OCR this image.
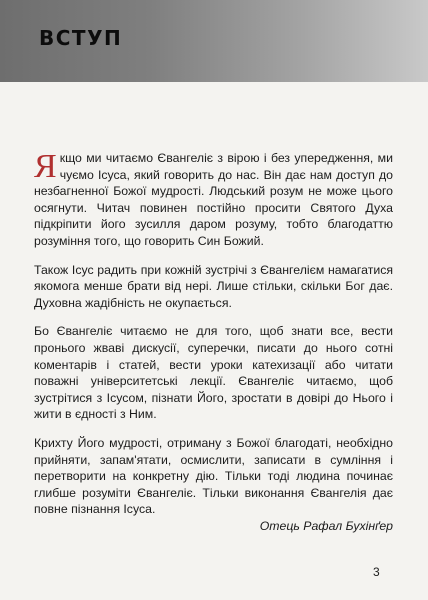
ВСТУП

Якщо ми читаємо Євангеліє з вірою і без упередження, ми чуємо Ісуса, який говорить до нас. Він дає нам доступ до незбагненної Божої мудрості. Людський розум не може цього осягнути. Читач повинен постійно просити Святого Духа підкріпити його зусилля даром розуму, тобто благодаттю розуміння того, що говорить Син Божий.

Також Ісус радить при кожній зустрічі з Євангелієм намагатися якомога менше брати від нері. Лише стільки, скільки Бог дає. Духовна жадібність не окупається.

Бо Євангеліє читаємо не для того, щоб знати все, вести пронього жваві дискусії, суперечки, писати до нього сотні коментарів і статей, вести уроки катехизації або читати поважні університетські лекції. Євангеліє читаємо, щоб зустрітися з Ісусом, пізнати Його, зростати в довірі до Нього і жити в єдності з Ним.

Крихту Його мудрості, отриману з Божої благодаті, необхідно прийняти, запам'ятати, осмислити, записати в сумління і перетворити на конкретну дію. Тільки тоді людина починає глибше розуміти Євангеліє. Тільки виконання Євангелія дає повне пізнання Ісуса.

Отець Рафал Бухінґер
3
